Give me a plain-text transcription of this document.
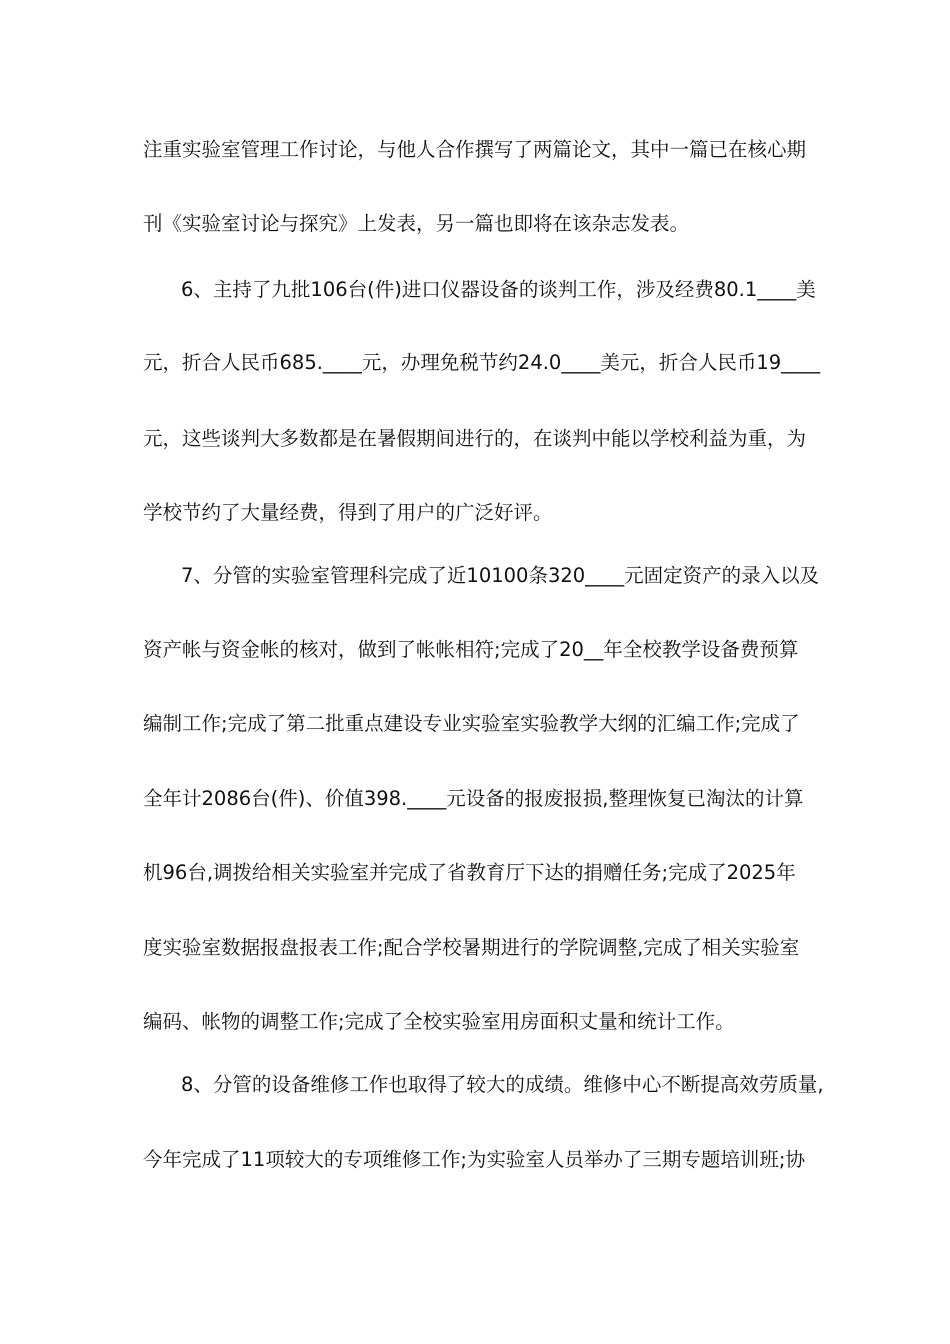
注重实验室管理工作讨论，与他人合作撰写了两篇论文，其中一篇已在核心期
刊《实验室讨论与探究》上发表，另一篇也即将在该杂志发表。
6、主持了九批106台(件)进口仪器设备的谈判工作，涉及经费80.1____美
元，折合人民币685.____元，办理免税节约24.0____美元，折合人民币19____
元，这些谈判大多数都是在暑假期间进行的，在谈判中能以学校利益为重，为
学校节约了大量经费，得到了用户的广泛好评。
7、分管的实验室管理科完成了近10100条320____元固定资产的录入以及
资产帐与资金帐的核对，做到了帐帐相符;完成了20__年全校教学设备费预算
编制工作;完成了第二批重点建设专业实验室实验教学大纲的汇编工作;完成了
全年计2086台(件)、价值398.____元设备的报废报损,整理恢复已淘汰的计算
机96台,调拨给相关实验室并完成了省教育厅下达的捐赠任务;完成了2025年
度实验室数据报盘报表工作;配合学校暑期进行的学院调整,完成了相关实验室
编码、帐物的调整工作;完成了全校实验室用房面积丈量和统计工作。
8、分管的设备维修工作也取得了较大的成绩。维修中心不断提高效劳质量,
今年完成了11项较大的专项维修工作;为实验室人员举办了三期专题培训班;协
